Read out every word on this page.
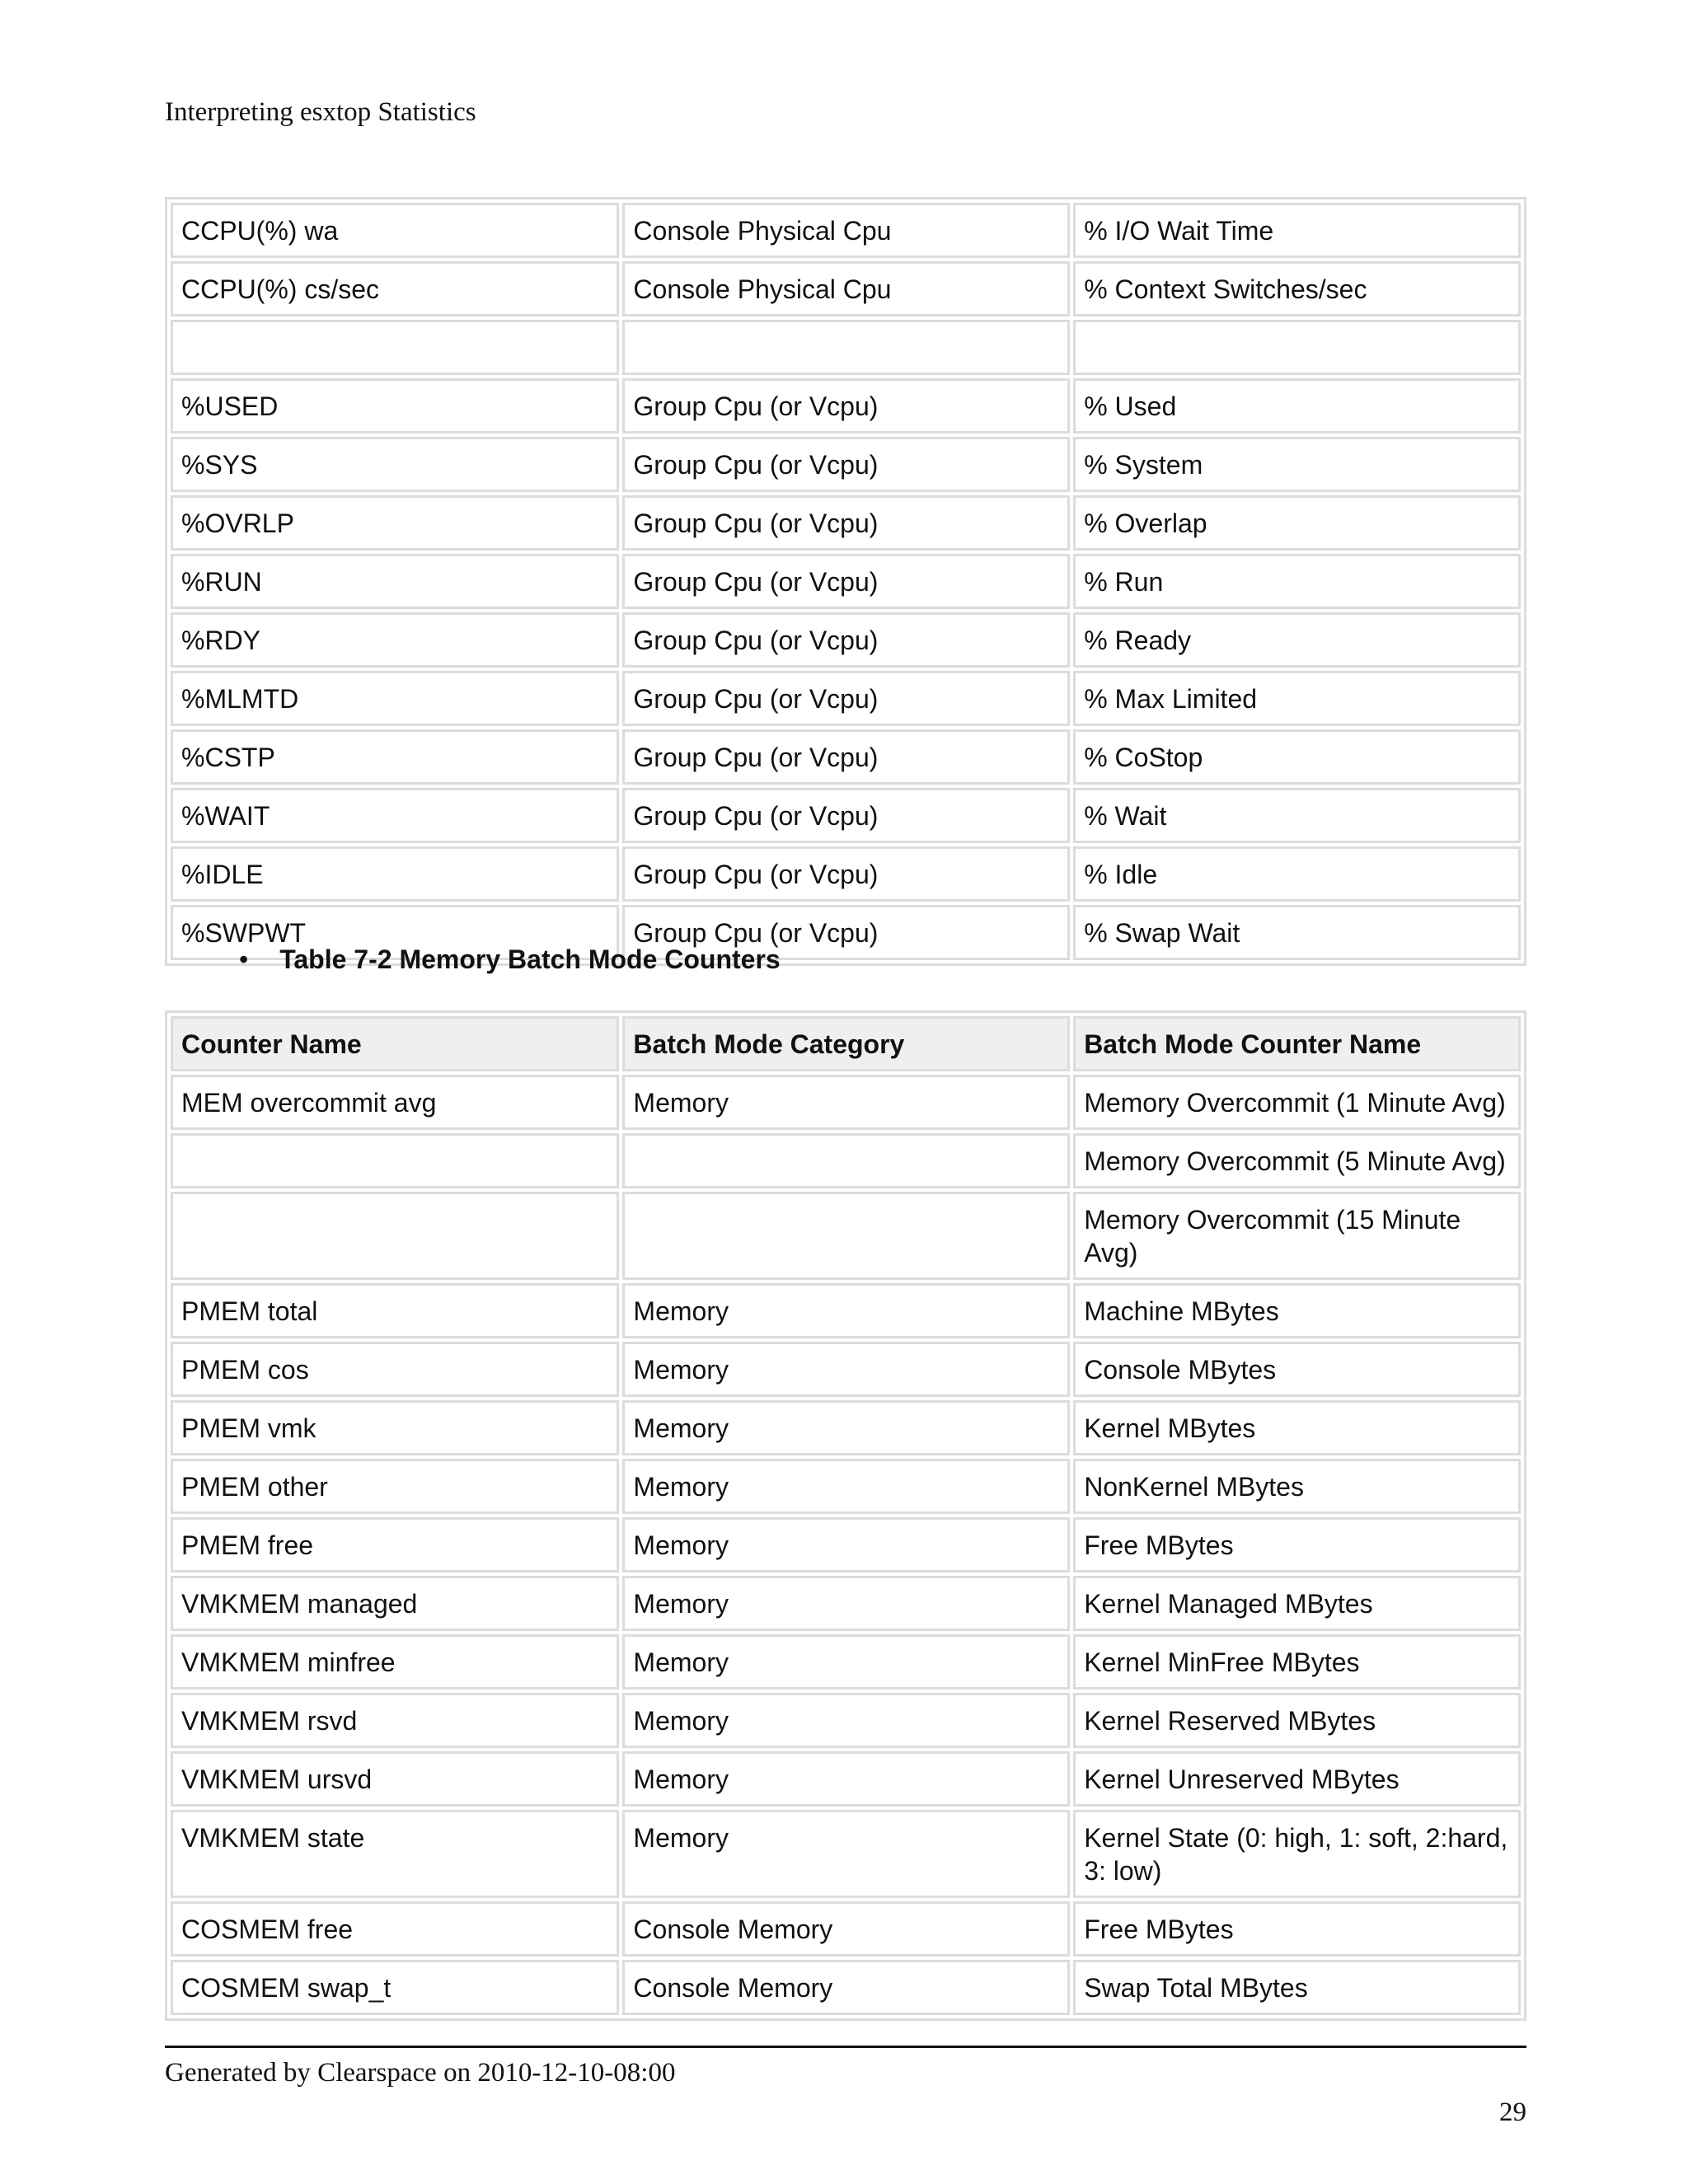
Interpreting esxtop Statistics
CCPU(%) wa	Console Physical Cpu	% I/O Wait Time
CCPU(%) cs/sec	Console Physical Cpu	% Context Switches/sec

%USED	Group Cpu (or Vcpu)	% Used
%SYS	Group Cpu (or Vcpu)	% System
%OVRLP	Group Cpu (or Vcpu)	% Overlap
%RUN	Group Cpu (or Vcpu)	% Run
%RDY	Group Cpu (or Vcpu)	% Ready
%MLMTD	Group Cpu (or Vcpu)	% Max Limited
%CSTP	Group Cpu (or Vcpu)	% CoStop
%WAIT	Group Cpu (or Vcpu)	% Wait
%IDLE	Group Cpu (or Vcpu)	% Idle
%SWPWT	Group Cpu (or Vcpu)	% Swap Wait
• Table 7-2 Memory Batch Mode Counters
Counter Name	Batch Mode Category	Batch Mode Counter Name
MEM overcommit avg	Memory	Memory Overcommit (1 Minute Avg)
		Memory Overcommit (5 Minute Avg)
		Memory Overcommit (15 Minute Avg)
PMEM total	Memory	Machine MBytes
PMEM cos	Memory	Console MBytes
PMEM vmk	Memory	Kernel MBytes
PMEM other	Memory	NonKernel MBytes
PMEM free	Memory	Free MBytes
VMKMEM managed	Memory	Kernel Managed MBytes
VMKMEM minfree	Memory	Kernel MinFree MBytes
VMKMEM rsvd	Memory	Kernel Reserved MBytes
VMKMEM ursvd	Memory	Kernel Unreserved MBytes
VMKMEM state	Memory	Kernel State (0: high, 1: soft, 2:hard, 3: low)
COSMEM free	Console Memory	Free MBytes
COSMEM swap_t	Console Memory	Swap Total MBytes
Generated by Clearspace on 2010-12-10-08:00
29
